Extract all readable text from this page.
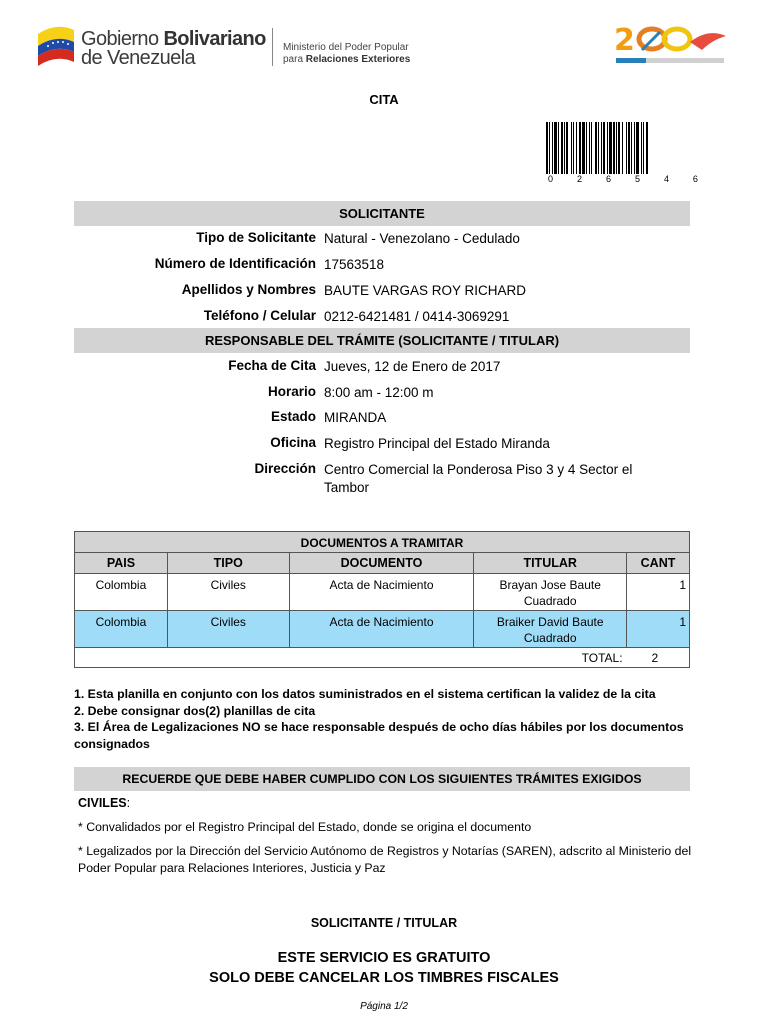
Gobierno Bolivariano
de Venezuela	Ministerio del Poder Popular
para Relaciones Exteriores
2
CITA
0	2	6	5	4	6
SOLICITANTE
Tipo de Solicitante Natural - Venezolano - Cedulado
Número de Identificación 17563518
Apellidos y Nombres BAUTE VARGAS ROY RICHARD
Teléfono / Celular 0212-6421481 / 0414-3069291
RESPONSABLE DEL TRÁMITE (SOLICITANTE / TITULAR)
Fecha de Cita Jueves, 12 de Enero de 2017
Horario 8:00 am - 12:00 m
Estado MIRANDA
Oficina Registro Principal del Estado Miranda
Dirección Centro Comercial la Ponderosa Piso 3 y 4 Sector el Tambor
DOCUMENTOS A TRAMITAR				
PAIS	TIPO	DOCUMENTO	TITULAR	CANT
Colombia	Civiles	Acta de Nacimiento	Brayan Jose Baute Cuadrado	1
Colombia	Civiles	Acta de Nacimiento	Braiker David Baute Cuadrado	1
TOTAL:				2
1. Esta planilla en conjunto con los datos suministrados en el sistema certifican la validez de la cita
2. Debe consignar dos(2) planillas de cita
3. El Área de Legalizaciones NO se hace responsable después de ocho días hábiles por los documentos consignados
RECUERDE QUE DEBE HABER CUMPLIDO CON LOS SIGUIENTES TRÁMITES EXIGIDOS
CIVILES:
* Convalidados por el Registro Principal del Estado, donde se origina el documento
* Legalizados por la Dirección del Servicio Autónomo de Registros y Notarías (SAREN), adscrito al Ministerio del Poder Popular para Relaciones Interiores, Justicia y Paz
SOLICITANTE / TITULAR
ESTE SERVICIO ES GRATUITO
SOLO DEBE CANCELAR LOS TIMBRES FISCALES
Página 1/2
